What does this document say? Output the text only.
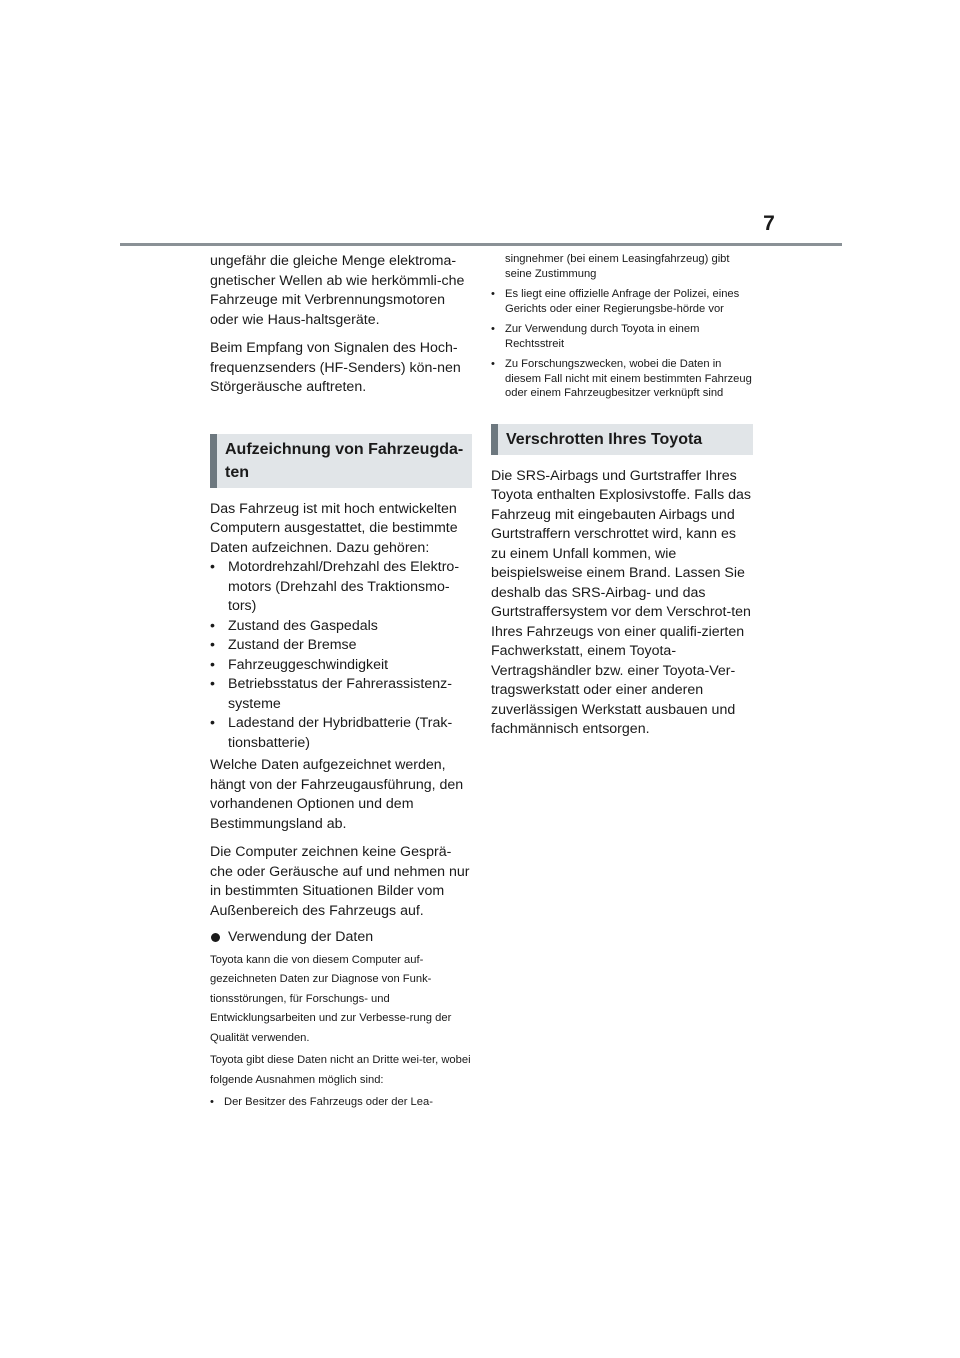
7

ungefähr die gleiche Menge elektroma-gnetischer Wellen ab wie herkömmli-che Fahrzeuge mit Verbrennungsmotoren oder wie Haus-haltsgeräte.

Beim Empfang von Signalen des Hoch-frequenzsenders (HF-Senders) kön-nen Störgeräusche auftreten.

Aufzeichnung von Fahrzeugda-ten

Das Fahrzeug ist mit hoch entwickelten Computern ausgestattet, die bestimmte Daten aufzeichnen. Dazu gehören:

• Motordrehzahl/Drehzahl des Elektro-motors (Drehzahl des Traktionsmo-tors)

• Zustand des Gaspedals

• Zustand der Bremse

• Fahrzeuggeschwindigkeit

• Betriebsstatus der Fahrerassistenz-systeme

• Ladestand der Hybridbatterie (Trak-tionsbatterie)

Welche Daten aufgezeichnet werden, hängt von der Fahrzeugausführung, den vorhandenen Optionen und dem Bestimmungsland ab.

Die Computer zeichnen keine Gesprä-che oder Geräusche auf und nehmen nur in bestimmten Situationen Bilder vom Außenbereich des Fahrzeugs auf.

Verwendung der Daten

Toyota kann die von diesem Computer auf-gezeichneten Daten zur Diagnose von Funk-tionsstörungen, für Forschungs- und Entwicklungsarbeiten und zur Verbesse-rung der Qualität verwenden.

Toyota gibt diese Daten nicht an Dritte wei-ter, wobei folgende Ausnahmen möglich sind:

• Der Besitzer des Fahrzeugs oder der Lea-

singnehmer (bei einem Leasingfahrzeug) gibt seine Zustimmung

• Es liegt eine offizielle Anfrage der Polizei, eines Gerichts oder einer Regierungsbe-hörde vor

• Zur Verwendung durch Toyota in einem Rechtsstreit

• Zu Forschungszwecken, wobei die Daten in diesem Fall nicht mit einem bestimmten Fahrzeug oder einem Fahrzeugbesitzer verknüpft sind

Verschrotten Ihres Toyota

Die SRS-Airbags und Gurtstraffer Ihres Toyota enthalten Explosivstoffe. Falls das Fahrzeug mit eingebauten Airbags und Gurtstraffern verschrottet wird, kann es zu einem Unfall kommen, wie beispielsweise einem Brand. Lassen Sie deshalb das SRS-Airbag- und das Gurtstraffersystem vor dem Verschrot-ten Ihres Fahrzeugs von einer qualifi-zierten Fachwerkstatt, einem Toyota-Vertragshändler bzw. einer Toyota-Ver-tragswerkstatt oder einer anderen zuverlässigen Werkstatt ausbauen und fachmännisch entsorgen.
